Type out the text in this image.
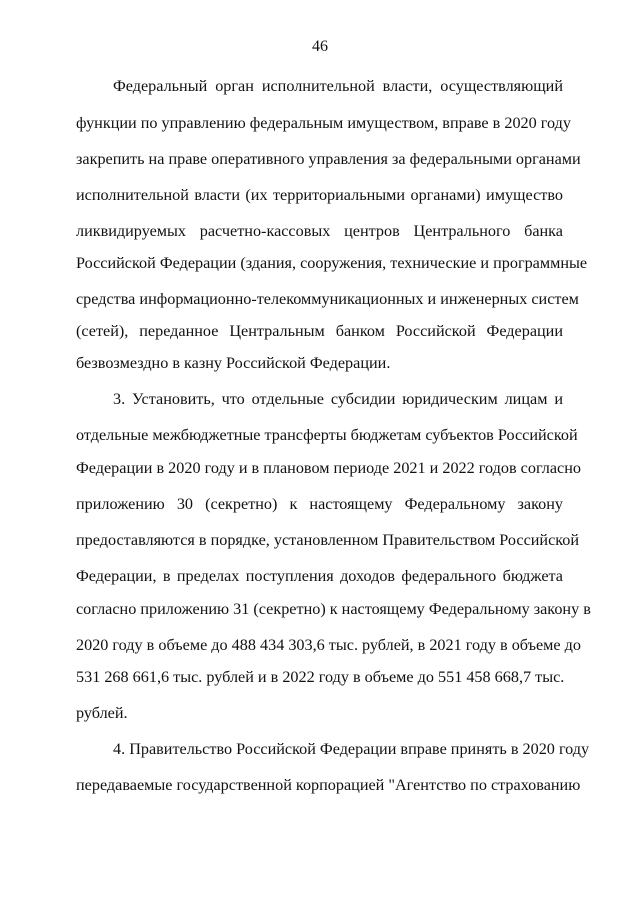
46
Федеральный орган исполнительной власти, осуществляющий
функции по управлению федеральным имуществом, вправе в 2020 году
закрепить на праве оперативного управления за федеральными органами
исполнительной власти (их территориальными органами) имущество
ликвидируемых расчетно-кассовых центров Центрального банка
Российской Федерации (здания, сооружения, технические и программные
средства информационно-телекоммуникационных и инженерных систем
(сетей), переданное Центральным банком Российской Федерации
безвозмездно в казну Российской Федерации.
3. Установить, что отдельные субсидии юридическим лицам и
отдельные межбюджетные трансферты бюджетам субъектов Российской
Федерации в 2020 году и в плановом периоде 2021 и 2022 годов согласно
приложению 30 (секретно) к настоящему Федеральному закону
предоставляются в порядке, установленном Правительством Российской
Федерации, в пределах поступления доходов федерального бюджета
согласно приложению 31 (секретно) к настоящему Федеральному закону в
2020 году в объеме до 488 434 303,6 тыс. рублей, в 2021 году в объеме до
531 268 661,6 тыс. рублей и в 2022 году в объеме до 551 458 668,7 тыс.
рублей.
4. Правительство Российской Федерации вправе принять в 2020 году
передаваемые государственной корпорацией "Агентство по страхованию
